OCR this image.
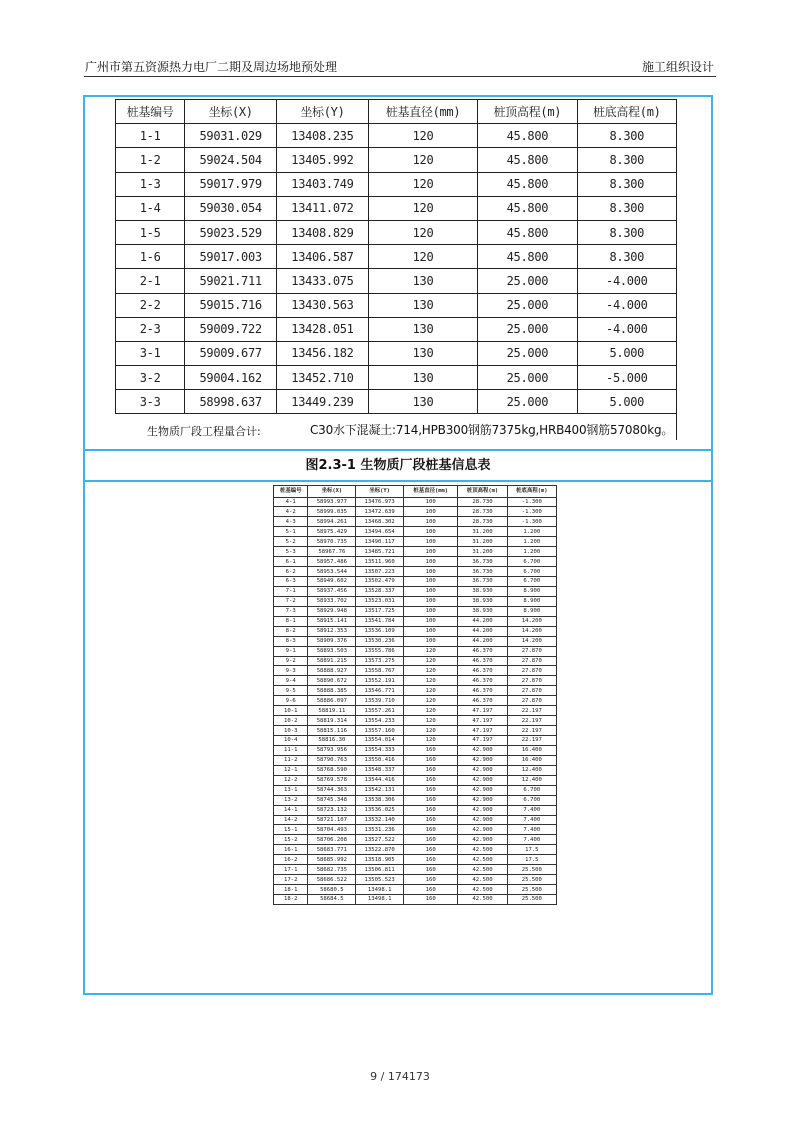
广州市第五资源热力电厂二期及周边场地预处理	施工组织设计
桩基编号	坐标(X)	坐标(Y)	桩基直径(mm)	桩顶高程(m)	桩底高程(m)
1-1	59031.029	13408.235	120	45.800	8.300
1-2	59024.504	13405.992	120	45.800	8.300
1-3	59017.979	13403.749	120	45.800	8.300
1-4	59030.054	13411.072	120	45.800	8.300
1-5	59023.529	13408.829	120	45.800	8.300
1-6	59017.003	13406.587	120	45.800	8.300
2-1	59021.711	13433.075	130	25.000	-4.000
2-2	59015.716	13430.563	130	25.000	-4.000
2-3	59009.722	13428.051	130	25.000	-4.000
3-1	59009.677	13456.182	130	25.000	5.000
3-2	59004.162	13452.710	130	25.000	-5.000
3-3	58998.637	13449.239	130	25.000	5.000

生物质厂段工程量合计:	C30水下混凝土:714,HPB300钢筋7375kg,HRB400钢筋57080kg。
图2.3-1 生物质厂段桩基信息表
桩基编号	坐标(X)	坐标(Y)	桩基直径(mm)	桩顶高程(m)	桩底高程(m)
4-1	58993.977	13476.973	100	28.730	-1.300
4-2	58999.035	13472.639	100	28.730	-1.300
4-3	58994.261	13468.302	100	28.730	-1.300
5-1	58975.429	13494.654	100	31.200	1.200
5-2	58970.735	13490.117	100	31.200	1.200
5-3	58967.76	13485.721	100	31.200	1.200
6-1	58957.486	13511.960	100	36.730	6.700
6-2	58953.544	13507.223	100	36.730	6.700
6-3	58949.602	13502.479	100	36.730	6.700
7-1	58937.456	13528.337	100	38.930	8.900
7-2	58933.702	13523.031	100	38.930	8.900
7-3	58929.948	13517.725	100	38.930	8.900
8-1	58915.141	13541.784	100	44.200	14.200
8-2	58912.353	13536.109	100	44.200	14.200
8-3	58909.376	13530.236	100	44.200	14.200
9-1	58893.503	13555.786	120	46.370	27.870
9-2	58891.215	13573.275	120	46.370	27.870
9-3	58888.927	13558.767	120	46.370	27.870
9-4	58890.672	13552.191	120	46.370	27.870
9-5	58888.385	13546.771	120	46.370	27.870
9-6	58886.097	13539.710	120	46.370	27.870
10-1	58819.11	13557.261	120	47.197	22.197
10-2	58819.314	13554.233	120	47.197	22.197
10-3	58815.116	13557.160	120	47.197	22.197
10-4	58816.30	13554.014	120	47.197	22.197
11-1	58793.956	13554.333	160	42.900	16.400
11-2	58790.763	13550.416	160	42.900	16.400
12-1	58768.590	13548.337	160	42.900	12.400
12-2	58769.578	13544.416	160	42.900	12.400
13-1	58744.363	13542.131	160	42.900	6.700
13-2	58745.348	13538.306	160	42.900	6.700
14-1	58723.132	13536.025	160	42.900	7.400
14-2	58721.107	13532.140	160	42.900	7.400
15-1	58704.493	13531.236	160	42.900	7.400
15-2	58706.208	13527.522	160	42.900	7.400
16-1	58683.771	13522.870	160	42.500	17.5
16-2	58685.992	13518.905	160	42.500	17.5
17-1	58682.735	13506.811	160	42.500	25.500
17-2	58686.522	13505.523	160	42.500	25.500
18-1	58680.5	13498.1	160	42.500	25.500
18-2	58684.5	13498.1	160	42.500	25.500
9 / 174173
